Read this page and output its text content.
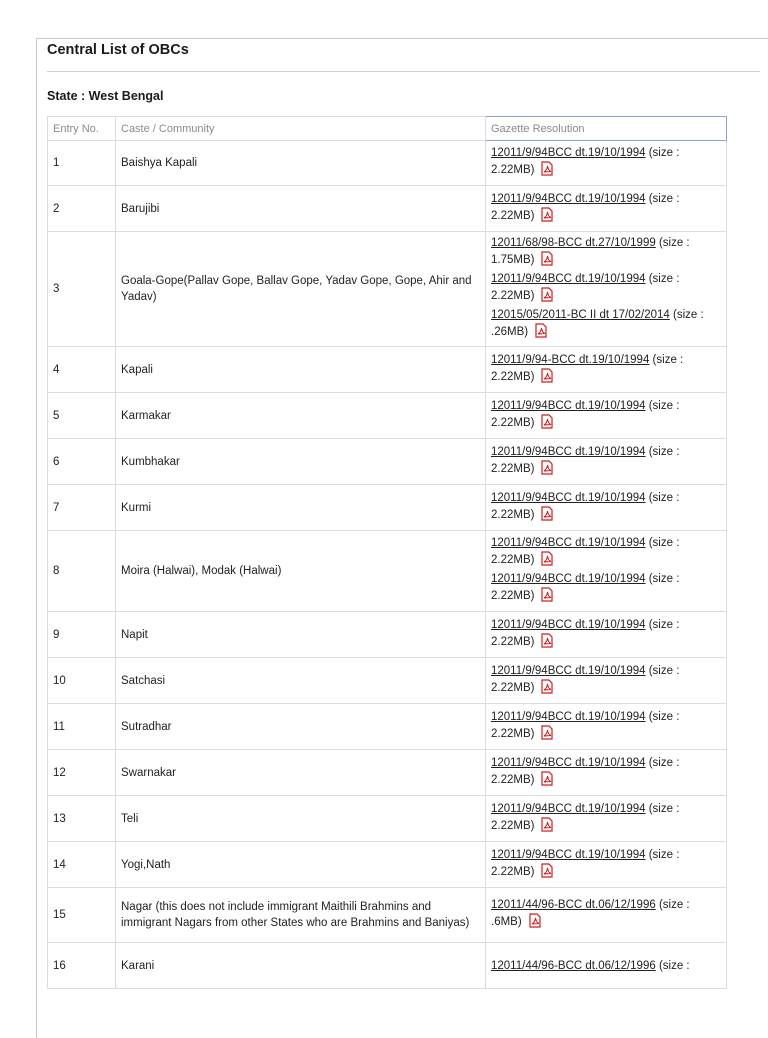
Central List of OBCs
State : West Bengal
Entry No.	Caste / Community	Gazette Resolution
1	Baishya Kapali	12011/9/94BCC dt.19/10/1994 (size : 2.22MB)

2	Barujibi	12011/9/94BCC dt.19/10/1994 (size : 2.22MB)

3	Goala-Gope(Pallav Gope, Ballav Gope, Yadav Gope, Gope, Ahir and Yadav)	12011/68/98-BCC dt.27/10/1999 (size : 1.75MB)
12011/9/94BCC dt.19/10/1994 (size : 2.22MB)
12015/05/2011-BC II dt 17/02/2014 (size : .26MB)

4	Kapali	12011/9/94-BCC dt.19/10/1994 (size : 2.22MB)

5	Karmakar	12011/9/94BCC dt.19/10/1994 (size : 2.22MB)

6	Kumbhakar	12011/9/94BCC dt.19/10/1994 (size : 2.22MB)

7	Kurmi	12011/9/94BCC dt.19/10/1994 (size : 2.22MB)

8	Moira (Halwai), Modak (Halwai)	12011/9/94BCC dt.19/10/1994 (size : 2.22MB)
12011/9/94BCC dt.19/10/1994 (size : 2.22MB)

9	Napit	12011/9/94BCC dt.19/10/1994 (size : 2.22MB)

10	Satchasi	12011/9/94BCC dt.19/10/1994 (size : 2.22MB)

11	Sutradhar	12011/9/94BCC dt.19/10/1994 (size : 2.22MB)

12	Swarnakar	12011/9/94BCC dt.19/10/1994 (size : 2.22MB)

13	Teli	12011/9/94BCC dt.19/10/1994 (size : 2.22MB)

14	Yogi,Nath	12011/9/94BCC dt.19/10/1994 (size : 2.22MB)

15	Nagar (this does not include immigrant Maithili Brahmins and immigrant Nagars from other States who are Brahmins and Baniyas)	12011/44/96-BCC dt.06/12/1996 (size : .6MB)

16	Karani	12011/44/96-BCC dt.06/12/1996 (size :
